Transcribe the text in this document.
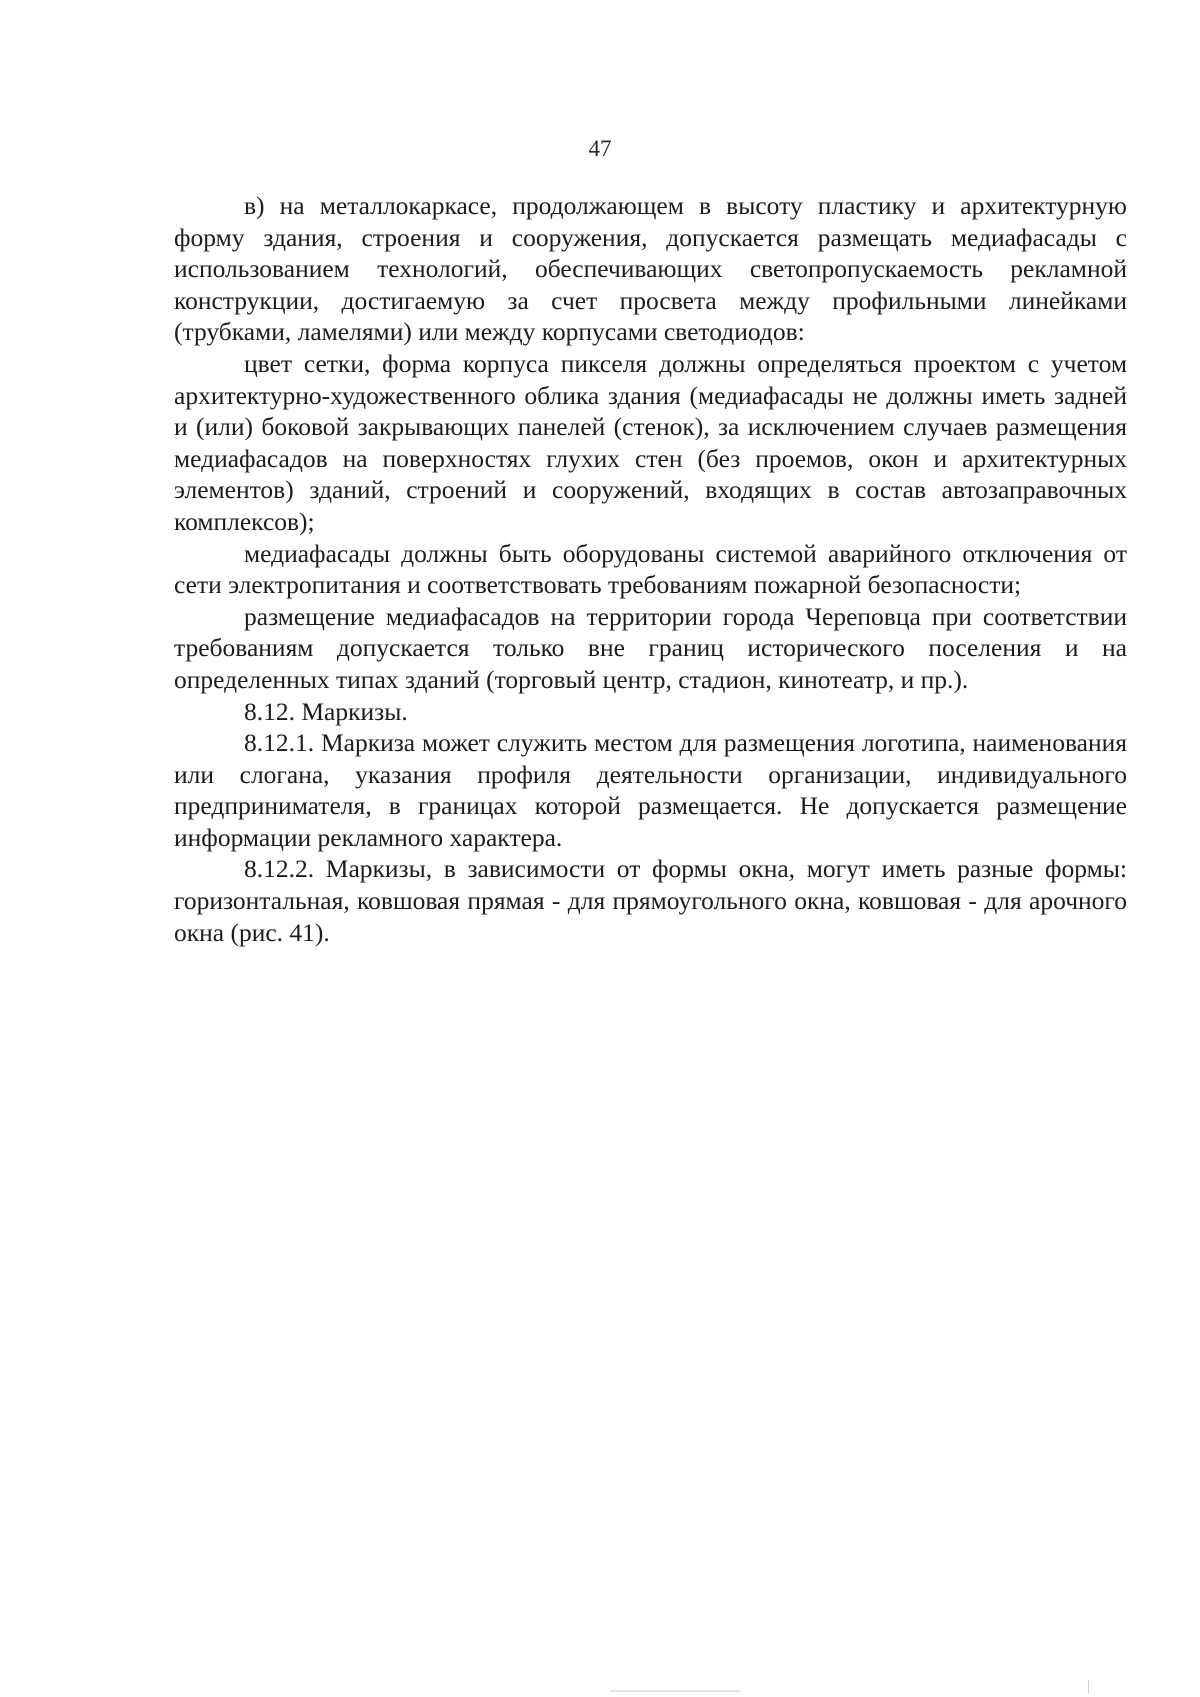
47

в) на металлокаркасе, продолжающем в высоту пластику и архитектурную форму здания, строения и сооружения, допускается размещать медиафасады с использованием технологий, обеспечивающих светопропускаемость рекламной конструкции, достигаемую за счет просвета между профильными линейками (трубками, ламелями) или между корпусами светодиодов:

цвет сетки, форма корпуса пикселя должны определяться проектом с учетом архитектурно-художественного облика здания (медиафасады не должны иметь задней и (или) боковой закрывающих панелей (стенок), за исключением случаев размещения медиафасадов на поверхностях глухих стен (без проемов, окон и архитектурных элементов) зданий, строений и сооружений, входящих в состав автозаправочных комплексов);

медиафасады должны быть оборудованы системой аварийного отключения от сети электропитания и соответствовать требованиям пожарной безопасности;

размещение медиафасадов на территории города Череповца при соответствии требованиям допускается только вне границ исторического поселения и на определенных типах зданий (торговый центр, стадион, кинотеатр, и пр.).

8.12. Маркизы.

8.12.1. Маркиза может служить местом для размещения логотипа, наименования или слогана, указания профиля деятельности организации, индивидуального предпринимателя, в границах которой размещается. Не допускается размещение информации рекламного характера.

8.12.2. Маркизы, в зависимости от формы окна, могут иметь разные формы: горизонтальная, ковшовая прямая - для прямоугольного окна, ковшовая - для арочного окна (рис. 41).
